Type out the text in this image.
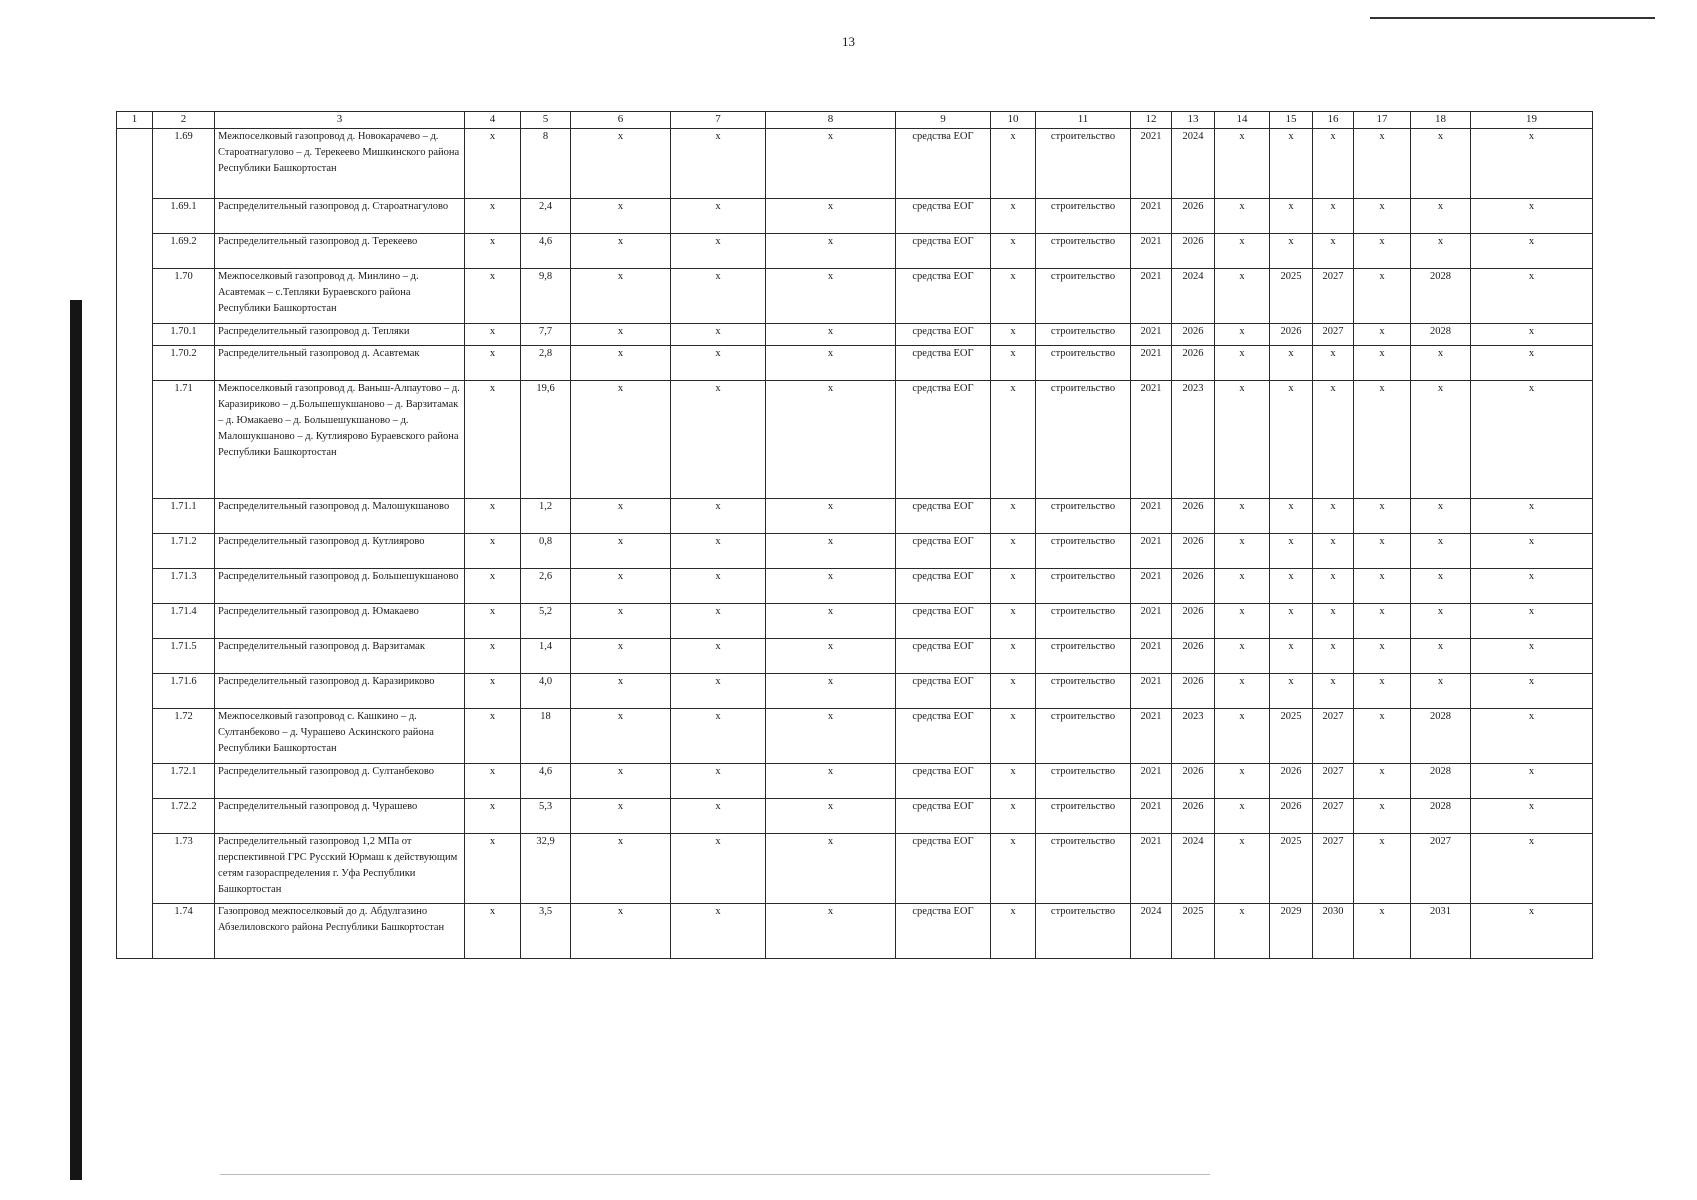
13
1	2	3	4	5	6	7	8	9	10	11	12	13	14	15	16	17	18	19
	1.69	Межпоселковый газопровод д. Новокарачево – д. Староатнагулово – д. Терекеево Мишкинского района Республики Башкортостан	х	8	х	х	х	средства ЕОГ	х	строительство	2021	2024	х	х	х	х	х	х
	1.69.1	Распределительный газопровод д. Староатнагулово	х	2,4	х	х	х	средства ЕОГ	х	строительство	2021	2026	х	х	х	х	х	х
	1.69.2	Распределительный газопровод д. Терекеево	х	4,6	х	х	х	средства ЕОГ	х	строительство	2021	2026	х	х	х	х	х	х
	1.70	Межпоселковый газопровод д. Минлино – д. Асавтемак – с.Тепляки Бураевского района Республики Башкортостан	х	9,8	х	х	х	средства ЕОГ	х	строительство	2021	2024	х	2025	2027	х	2028	х
	1.70.1	Распределительный газопровод д. Тепляки	х	7,7	х	х	х	средства ЕОГ	х	строительство	2021	2026	х	2026	2027	х	2028	х
	1.70.2	Распределительный газопровод д. Асавтемак	х	2,8	х	х	х	средства ЕОГ	х	строительство	2021	2026	х	х	х	х	х	х
	1.71	Межпоселковый газопровод д. Ваныш-Алпаутово – д. Каразириково – д.Большешукшаново – д. Варзитамак – д. Юмакаево – д. Большешукшаново – д. Малошукшаново – д. Кутлиярово Бураевского района Республики Башкортостан	х	19,6	х	х	х	средства ЕОГ	х	строительство	2021	2023	х	х	х	х	х	х
	1.71.1	Распределительный газопровод д. Малошукшаново	х	1,2	х	х	х	средства ЕОГ	х	строительство	2021	2026	х	х	х	х	х	х
	1.71.2	Распределительный газопровод д. Кутлиярово	х	0,8	х	х	х	средства ЕОГ	х	строительство	2021	2026	х	х	х	х	х	х
	1.71.3	Распределительный газопровод д. Большешукшаново	х	2,6	х	х	х	средства ЕОГ	х	строительство	2021	2026	х	х	х	х	х	х
	1.71.4	Распределительный газопровод д. Юмакаево	х	5,2	х	х	х	средства ЕОГ	х	строительство	2021	2026	х	х	х	х	х	х
	1.71.5	Распределительный газопровод д. Варзитамак	х	1,4	х	х	х	средства ЕОГ	х	строительство	2021	2026	х	х	х	х	х	х
	1.71.6	Распределительный газопровод д. Каразириково	х	4,0	х	х	х	средства ЕОГ	х	строительство	2021	2026	х	х	х	х	х	х
	1.72	Межпоселковый газопровод с. Кашкино – д. Султанбеково – д. Чурашево Аскинского района Республики Башкортостан	х	18	х	х	х	средства ЕОГ	х	строительство	2021	2023	х	2025	2027	х	2028	х
	1.72.1	Распределительный газопровод д. Султанбеково	х	4,6	х	х	х	средства ЕОГ	х	строительство	2021	2026	х	2026	2027	х	2028	х
	1.72.2	Распределительный газопровод д. Чурашево	х	5,3	х	х	х	средства ЕОГ	х	строительство	2021	2026	х	2026	2027	х	2028	х
	1.73	Распределительный газопровод 1,2 МПа от перспективной ГРС Русский Юрмаш к действующим сетям газораспределения г. Уфа Республики Башкортостан	х	32,9	х	х	х	средства ЕОГ	х	строительство	2021	2024	х	2025	2027	х	2027	х
	1.74	Газопровод межпоселковый до д. Абдулгазино Абзелиловского района Республики Башкортостан	х	3,5	х	х	х	средства ЕОГ	х	строительство	2024	2025	х	2029	2030	х	2031	х
